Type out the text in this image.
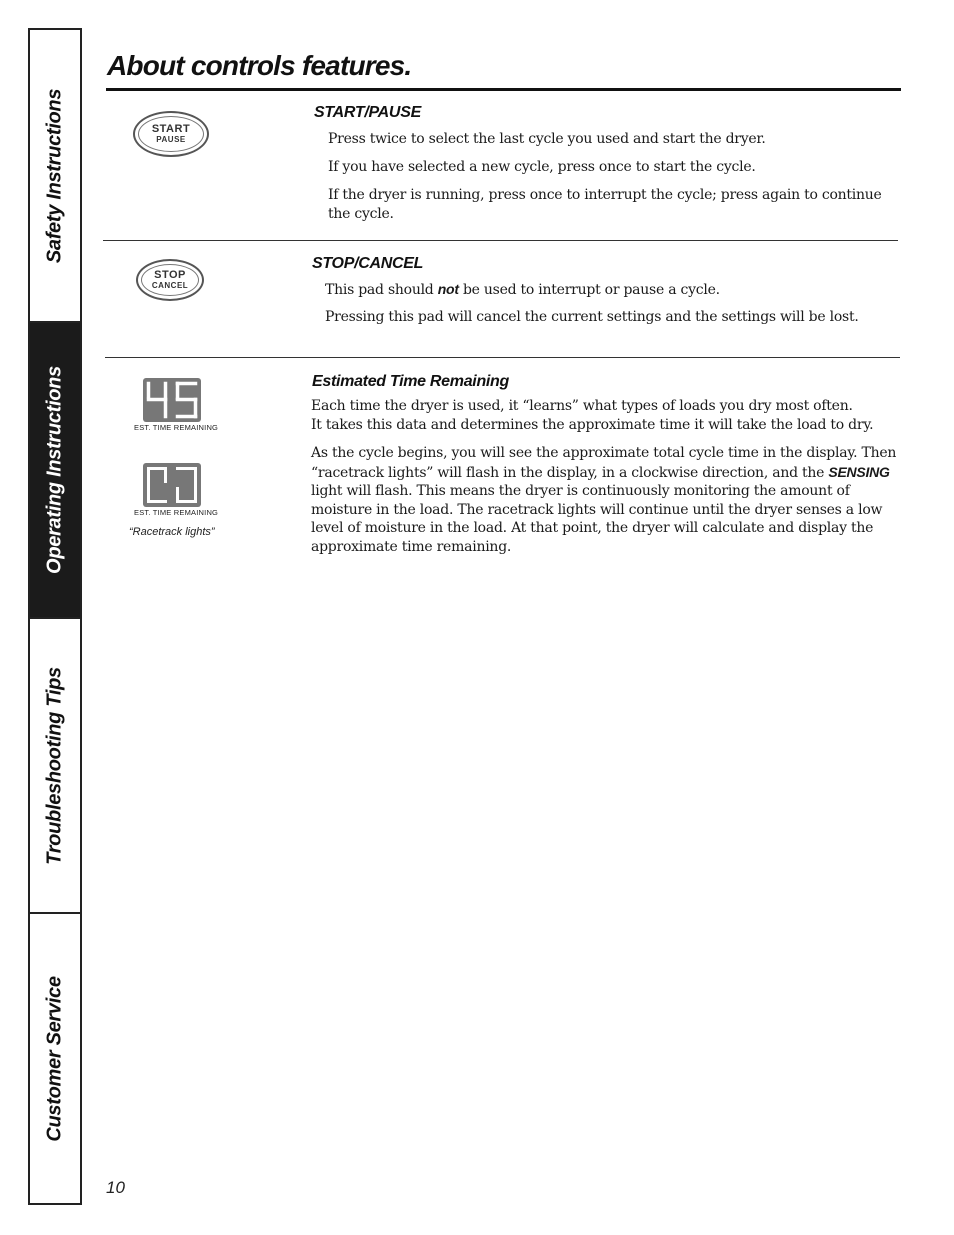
Safety Instructions
Operating Instructions
Troubleshooting Tips
Customer Service
About controls features.
START
PAUSE
START/PAUSE

Press twice to select the last cycle you used and start the dryer.

If you have selected a new cycle, press once to start the cycle.

If the dryer is running, press once to interrupt the cycle; press again to continue the cycle.

STOP
CANCEL
STOP/CANCEL

This pad should not be used to interrupt or pause a cycle.

Pressing this pad will cancel the current settings and the settings will be lost.

EST. TIME REMAINING
EST. TIME REMAINING
“Racetrack lights”
Estimated Time Remaining

Each time the dryer is used, it “learns” what types of loads you dry most often.
It takes this data and determines the approximate time it will take the load to dry.

As the cycle begins, you will see the approximate total cycle time in the display. Then “racetrack lights” will flash in the display, in a clockwise direction, and the SENSING light will flash. This means the dryer is continuously monitoring the amount of moisture in the load. The racetrack lights will continue until the dryer senses a low level of moisture in the load. At that point, the dryer will calculate and display the approximate time remaining.

10
